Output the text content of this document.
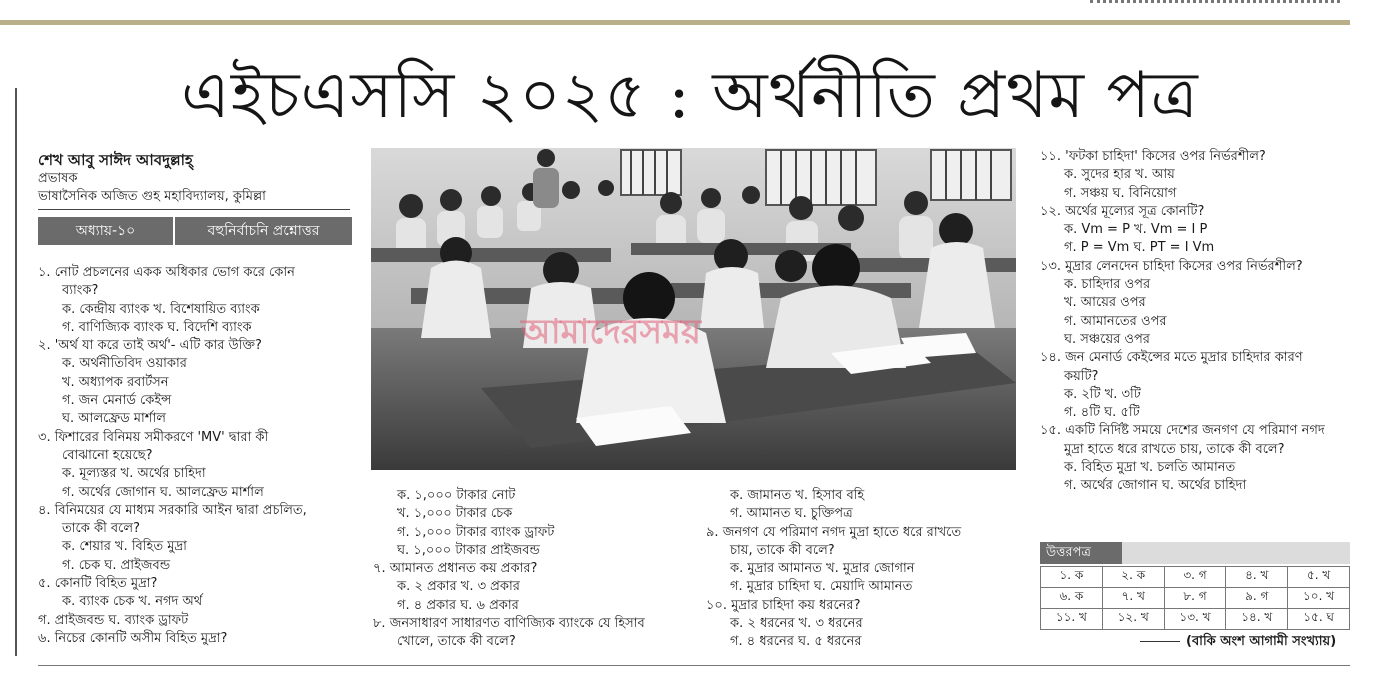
এইচএসসি ২০২৫ : অর্থনীতি প্রথম পত্র
শেখ আবু সাঈদ আবদুল্লাহ্
প্রভাষক
ভাষাসৈনিক অজিত গুহ মহাবিদ্যালয়, কুমিল্লা
অধ্যায়-১০	বহুনির্বাচনি প্রশ্নোত্তর
১. নোট প্রচলনের একক অধিকার ভোগ করে কোন
ব্যাংক?
ক. কেন্দ্রীয় ব্যাংক খ. বিশেষায়িত ব্যাংক
গ. বাণিজ্যিক ব্যাংক ঘ. বিদেশি ব্যাংক
২. 'অর্থ যা করে তাই অর্থ'- এটি কার উক্তি?
ক. অর্থনীতিবিদ ওয়াকার
খ. অধ্যাপক রবার্টসন
গ. জন মেনার্ড কেইন্স
ঘ. আলফ্রেড মার্শাল
৩. ফিশারের বিনিময় সমীকরণে 'MV' দ্বারা কী
বোঝানো হয়েছে?
ক. মূল্যস্তর খ. অর্থের চাহিদা
গ. অর্থের জোগান ঘ. আলফ্রেড মার্শাল
৪. বিনিময়ের যে মাধ্যম সরকারি আইন দ্বারা প্রচলিত,
তাকে কী বলে?
ক. শেয়ার খ. বিহিত মুদ্রা
গ. চেক ঘ. প্রাইজবন্ড
৫. কোনটি বিহিত মুদ্রা?
ক. ব্যাংক চেক খ. নগদ অর্থ
গ. প্রাইজবন্ড ঘ. ব্যাংক ড্রাফট
৬. নিচের কোনটি অসীম বিহিত মুদ্রা?
আমাদেরসময়
ক. ১,০০০ টাকার নোট
খ. ১,০০০ টাকার চেক
গ. ১,০০০ টাকার ব্যাংক ড্রাফট
ঘ. ১,০০০ টাকার প্রাইজবন্ড
৭. আমানত প্রধানত কয় প্রকার?
ক. ২ প্রকার খ. ৩ প্রকার
গ. ৪ প্রকার ঘ. ৬ প্রকার
৮. জনসাধারণ সাধারণত বাণিজ্যিক ব্যাংকে যে হিসাব
খোলে, তাকে কী বলে?
ক. জামানত খ. হিসাব বহি
গ. আমানত ঘ. চুক্তিপত্র
৯. জনগণ যে পরিমাণ নগদ মুদ্রা হাতে ধরে রাখতে
চায়, তাকে কী বলে?
ক. মুদ্রার আমানত খ. মুদ্রার জোগান
গ. মুদ্রার চাহিদা ঘ. মেয়াদি আমানত
১০. মুদ্রার চাহিদা কয় ধরনের?
ক. ২ ধরনের খ. ৩ ধরনের
গ. ৪ ধরনের ঘ. ৫ ধরনের
১১. 'ফটকা চাহিদা' কিসের ওপর নির্ভরশীল?
ক. সুদের হার খ. আয়
গ. সঞ্চয় ঘ. বিনিয়োগ
১২. অর্থের মূল্যের সূত্র কোনটি?
ক. Vm = P খ. Vm = I P
গ. P = Vm ঘ. PT = I Vm
১৩. মুদ্রার লেনদেন চাহিদা কিসের ওপর নির্ভরশীল?
ক. চাহিদার ওপর
খ. আয়ের ওপর
গ. আমানতের ওপর
ঘ. সঞ্চয়ের ওপর
১৪. জন মেনার্ড কেইন্সের মতে মুদ্রার চাহিদার কারণ
কয়টি?
ক. ২টি খ. ৩টি
গ. ৪টি ঘ. ৫টি
১৫. একটি নির্দিষ্ট সময়ে দেশের জনগণ যে পরিমাণ নগদ
মুদ্রা হাতে ধরে রাখতে চায়, তাকে কী বলে?
ক. বিহিত মুদ্রা খ. চলতি আমানত
গ. অর্থের জোগান ঘ. অর্থের চাহিদা
উত্তরপত্র
১. ক	২. ক	৩. গ	৪. খ	৫. খ
৬. ক	৭. খ	৮. গ	৯. গ	১০. খ
১১. খ	১২. খ	১৩. খ	১৪. খ	১৫. ঘ
(বাকি অংশ আগামী সংখ্যায়)
